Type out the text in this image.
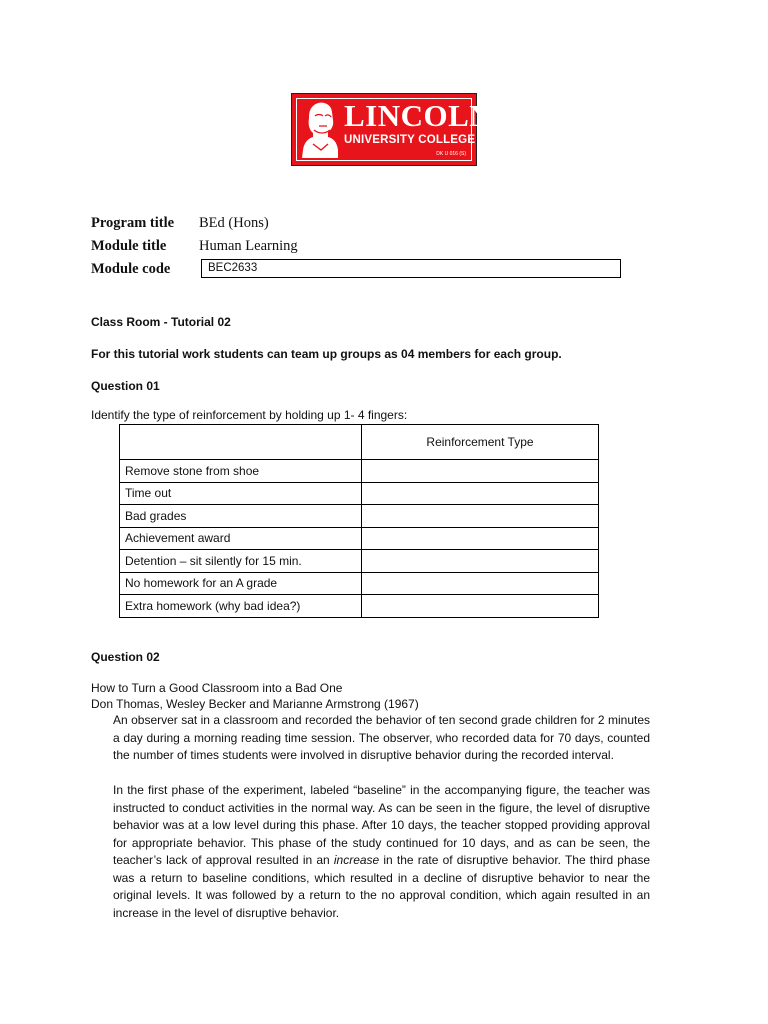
LINCOLN
UNIVERSITY COLLEGE
DK U 016 (S)
Program title BEd (Hons)
Module title Human Learning
Module code	BEC2633
Class Room - Tutorial 02
For this tutorial work students can team up groups as 04 members for each group.
Question 01
Identify the type of reinforcement by holding up 1- 4 fingers:
	Reinforcement Type
Remove stone from shoe	
Time out	
Bad grades	
Achievement award	
Detention – sit silently for 15 min.	
No homework for an A grade	
Extra homework (why bad idea?)	
Question 02
How to Turn a Good Classroom into a Bad One
Don Thomas, Wesley Becker and Marianne Armstrong (1967)

An observer sat in a classroom and recorded the behavior of ten second grade children for 2 minutes a day during a morning reading time session. The observer, who recorded data for 70 days, counted the number of times students were involved in disruptive behavior during the recorded interval.

In the first phase of the experiment, labeled “baseline” in the accompanying figure, the teacher was instructed to conduct activities in the normal way. As can be seen in the figure, the level of disruptive behavior was at a low level during this phase. After 10 days, the teacher stopped providing approval for appropriate behavior. This phase of the study continued for 10 days, and as can be seen, the teacher’s lack of approval resulted in an increase in the rate of disruptive behavior. The third phase was a return to baseline conditions, which resulted in a decline of disruptive behavior to near the original levels. It was followed by a return to the no approval condition, which again resulted in an increase in the level of disruptive behavior.
